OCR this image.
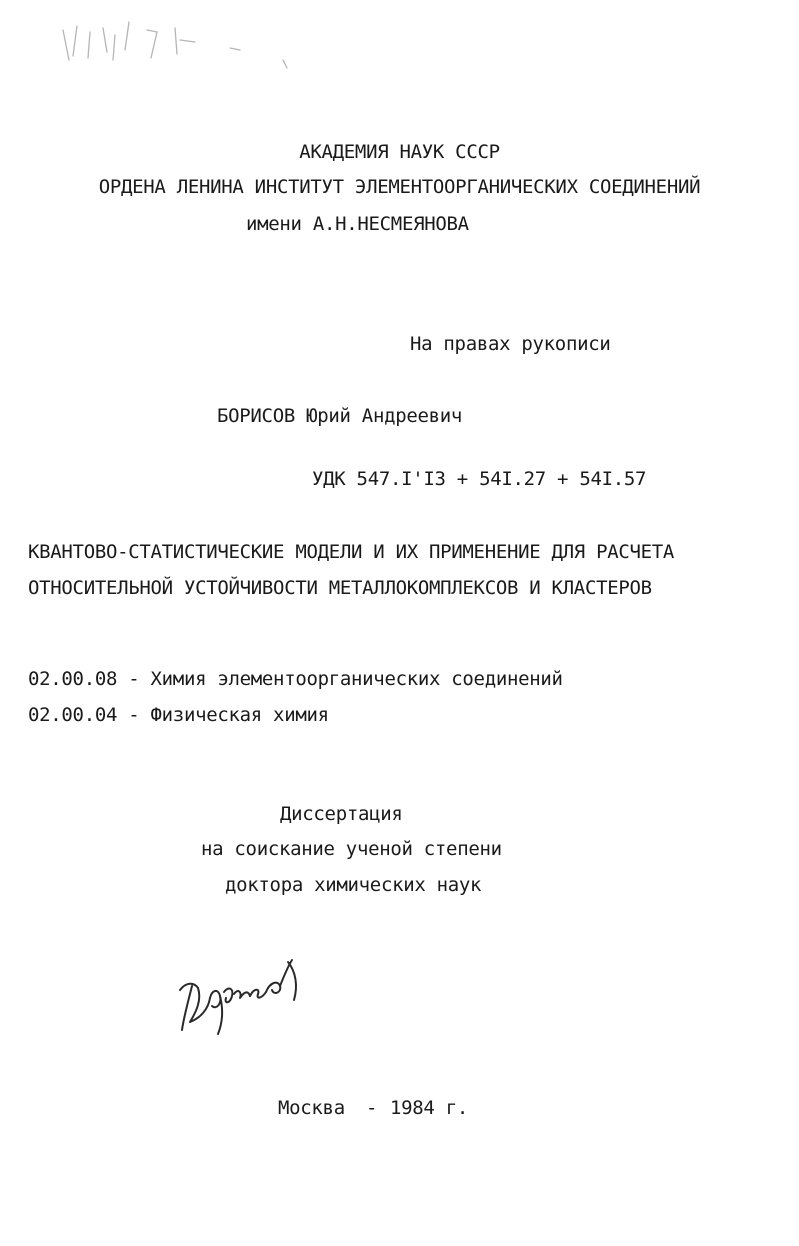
АКАДЕМИЯ НАУК СССР
ОРДЕНА ЛЕНИНА ИНСТИТУТ ЭЛЕМЕНТООРГАНИЧЕСКИХ СОЕДИНЕНИЙ
имени А.Н.НЕСМЕЯНОВА
На правах рукописи
БОРИСОВ Юрий Андреевич
УДК 547.I'I3 + 54I.27 + 54I.57
КВАНТОВО-СТАТИСТИЧЕСКИЕ МОДЕЛИ И ИХ ПРИМЕНЕНИЕ ДЛЯ РАСЧЕТА
ОТНОСИТЕЛЬНОЙ УСТОЙЧИВОСТИ МЕТАЛЛОКОМПЛЕКСОВ И КЛАСТЕРОВ
02.00.08 - Химия элементоорганических соединений
02.00.04 - Физическая химия
Диссертация
на соискание ученой степени
доктора химических наук
Москва - 1984 г.
